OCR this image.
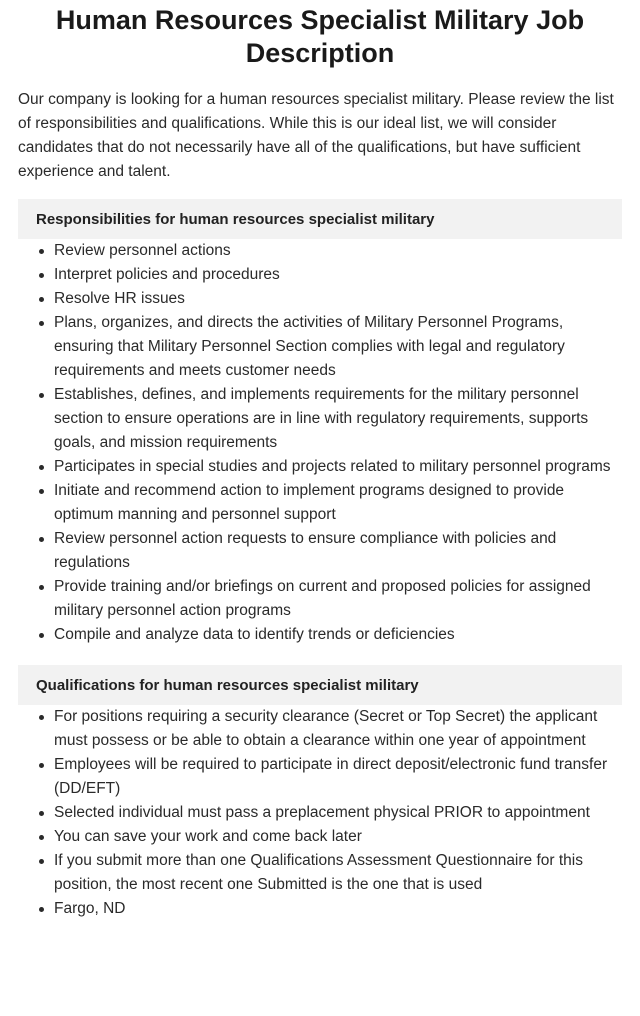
Human Resources Specialist Military Job Description

Our company is looking for a human resources specialist military. Please review the list of responsibilities and qualifications. While this is our ideal list, we will consider candidates that do not necessarily have all of the qualifications, but have sufficient experience and talent.

Responsibilities for human resources specialist military
Review personnel actions
Interpret policies and procedures
Resolve HR issues
Plans, organizes, and directs the activities of Military Personnel Programs, ensuring that Military Personnel Section complies with legal and regulatory requirements and meets customer needs
Establishes, defines, and implements requirements for the military personnel section to ensure operations are in line with regulatory requirements, supports goals, and mission requirements
Participates in special studies and projects related to military personnel programs
Initiate and recommend action to implement programs designed to provide optimum manning and personnel support
Review personnel action requests to ensure compliance with policies and regulations
Provide training and/or briefings on current and proposed policies for assigned military personnel action programs
Compile and analyze data to identify trends or deficiencies
Qualifications for human resources specialist military
For positions requiring a security clearance (Secret or Top Secret) the applicant must possess or be able to obtain a clearance within one year of appointment
Employees will be required to participate in direct deposit/electronic fund transfer (DD/EFT)
Selected individual must pass a preplacement physical PRIOR to appointment
You can save your work and come back later
If you submit more than one Qualifications Assessment Questionnaire for this position, the most recent one Submitted is the one that is used
Fargo, ND
